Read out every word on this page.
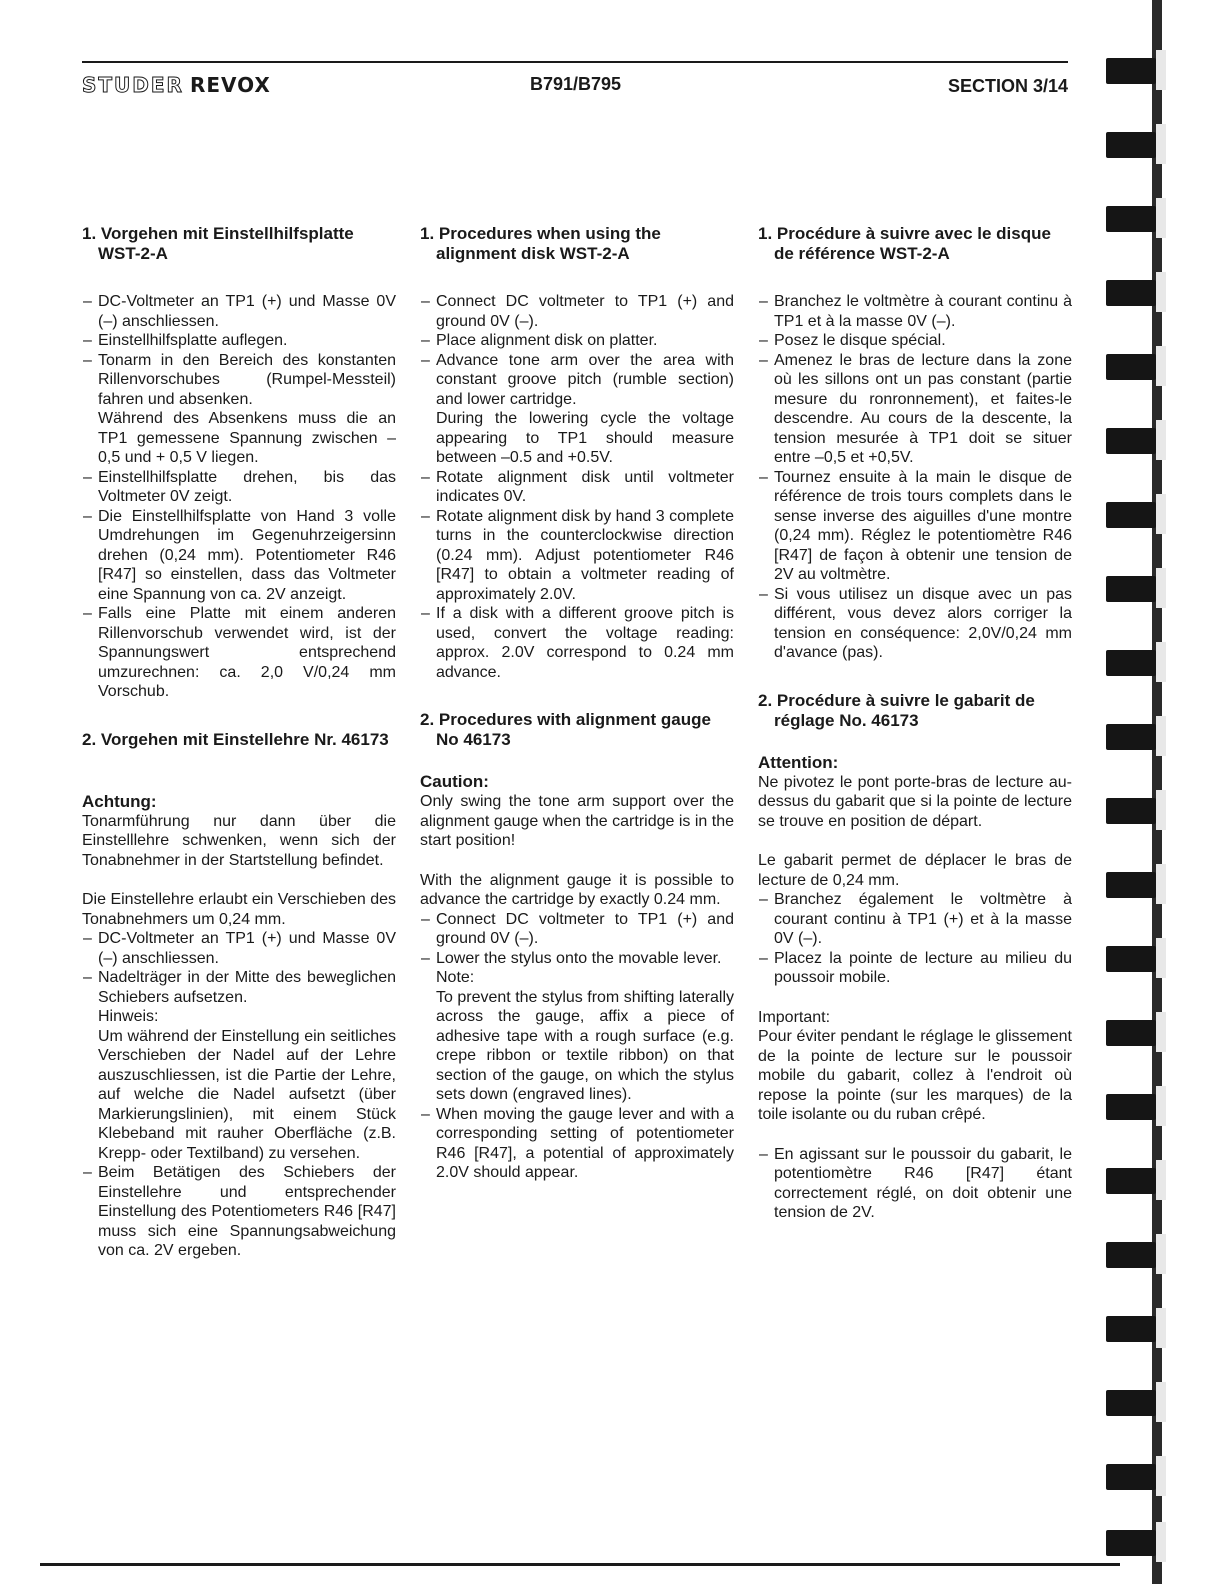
STUDER REVOX	B791/B795	SECTION 3/14
1. Vorgehen mit Einstellhilfsplatte WST-2-A
– DC-Voltmeter an TP1 (+) und Masse 0V (–) anschliessen.
– Einstellhilfsplatte auflegen.
– Tonarm in den Bereich des konstanten Rillenvorschubes (Rumpel-Messteil) fahren und absenken.
Während des Absenkens muss die an TP1 gemessene Spannung zwischen – 0,5 und + 0,5 V liegen.
– Einstellhilfsplatte drehen, bis das Voltmeter 0V zeigt.
– Die Einstellhilfsplatte von Hand 3 volle Umdrehungen im Gegenuhrzeigersinn drehen (0,24 mm). Potentiometer R46 [R47] so einstellen, dass das Voltmeter eine Spannung von ca. 2V anzeigt.
– Falls eine Platte mit einem anderen Rillenvorschub verwendet wird, ist der Spannungswert entsprechend umzurechnen: ca. 2,0 V/0,24 mm Vorschub.
2. Vorgehen mit Einstellehre Nr. 46173
Achtung:

Tonarmführung nur dann über die Einstelllehre schwenken, wenn sich der Tonabnehmer in der Startstellung befindet.

Die Einstellehre erlaubt ein Verschieben des Tonabnehmers um 0,24 mm.

– DC-Voltmeter an TP1 (+) und Masse 0V (–) anschliessen.
– Nadelträger in der Mitte des beweglichen Schiebers aufsetzen.
Hinweis:
Um während der Einstellung ein seitliches Verschieben der Nadel auf der Lehre auszuschliessen, ist die Partie der Lehre, auf welche die Nadel aufsetzt (über Markierungslinien), mit einem Stück Klebeband mit rauher Oberfläche (z.B. Krepp- oder Textilband) zu versehen.
– Beim Betätigen des Schiebers der Einstellehre und entsprechender Einstellung des Potentiometers R46 [R47] muss sich eine Spannungsabweichung von ca. 2V ergeben.
1. Procedures when using the alignment disk WST-2-A
– Connect DC voltmeter to TP1 (+) and ground 0V (–).
– Place alignment disk on platter.
– Advance tone arm over the area with constant groove pitch (rumble section) and lower cartridge.
During the lowering cycle the voltage appearing to TP1 should measure between –0.5 and +0.5V.
– Rotate alignment disk until voltmeter indicates 0V.
– Rotate alignment disk by hand 3 complete turns in the counterclockwise direction (0.24 mm). Adjust potentiometer R46 [R47] to obtain a voltmeter reading of approximately 2.0V.
– If a disk with a different groove pitch is used, convert the voltage reading: approx. 2.0V correspond to 0.24 mm advance.
2. Procedures with alignment gauge No 46173
Caution:

Only swing the tone arm support over the alignment gauge when the cartridge is in the start position!

With the alignment gauge it is possible to advance the cartridge by exactly 0.24 mm.

– Connect DC voltmeter to TP1 (+) and ground 0V (–).
– Lower the stylus onto the movable lever.
Note:
To prevent the stylus from shifting laterally across the gauge, affix a piece of adhesive tape with a rough surface (e.g. crepe ribbon or textile ribbon) on that section of the gauge, on which the stylus sets down (engraved lines).
– When moving the gauge lever and with a corresponding setting of potentiometer R46 [R47], a potential of approximately 2.0V should appear.
1. Procédure à suivre avec le disque de référence WST-2-A
– Branchez le voltmètre à courant continu à TP1 et à la masse 0V (–).
– Posez le disque spécial.
– Amenez le bras de lecture dans la zone où les sillons ont un pas constant (partie mesure du ronronnement), et faites-le descendre. Au cours de la descente, la tension mesurée à TP1 doit se situer entre –0,5 et +0,5V.
– Tournez ensuite à la main le disque de référence de trois tours complets dans le sense inverse des aiguilles d'une montre (0,24 mm). Réglez le potentiomètre R46 [R47] de façon à obtenir une tension de 2V au voltmètre.
– Si vous utilisez un disque avec un pas différent, vous devez alors corriger la tension en conséquence: 2,0V/0,24 mm d'avance (pas).
2. Procédure à suivre le gabarit de réglage No. 46173
Attention:

Ne pivotez le pont porte-bras de lecture au-dessus du gabarit que si la pointe de lecture se trouve en position de départ.

Le gabarit permet de déplacer le bras de lecture de 0,24 mm.

– Branchez également le voltmètre à courant continu à TP1 (+) et à la masse 0V (–).
– Placez la pointe de lecture au milieu du poussoir mobile.

Important:

Pour éviter pendant le réglage le glissement de la pointe de lecture sur le poussoir mobile du gabarit, collez à l'endroit où repose la pointe (sur les marques) de la toile isolante ou du ruban crêpé.

– En agissant sur le poussoir du gabarit, le potentiomètre R46 [R47] étant correctement réglé, on doit obtenir une tension de 2V.
